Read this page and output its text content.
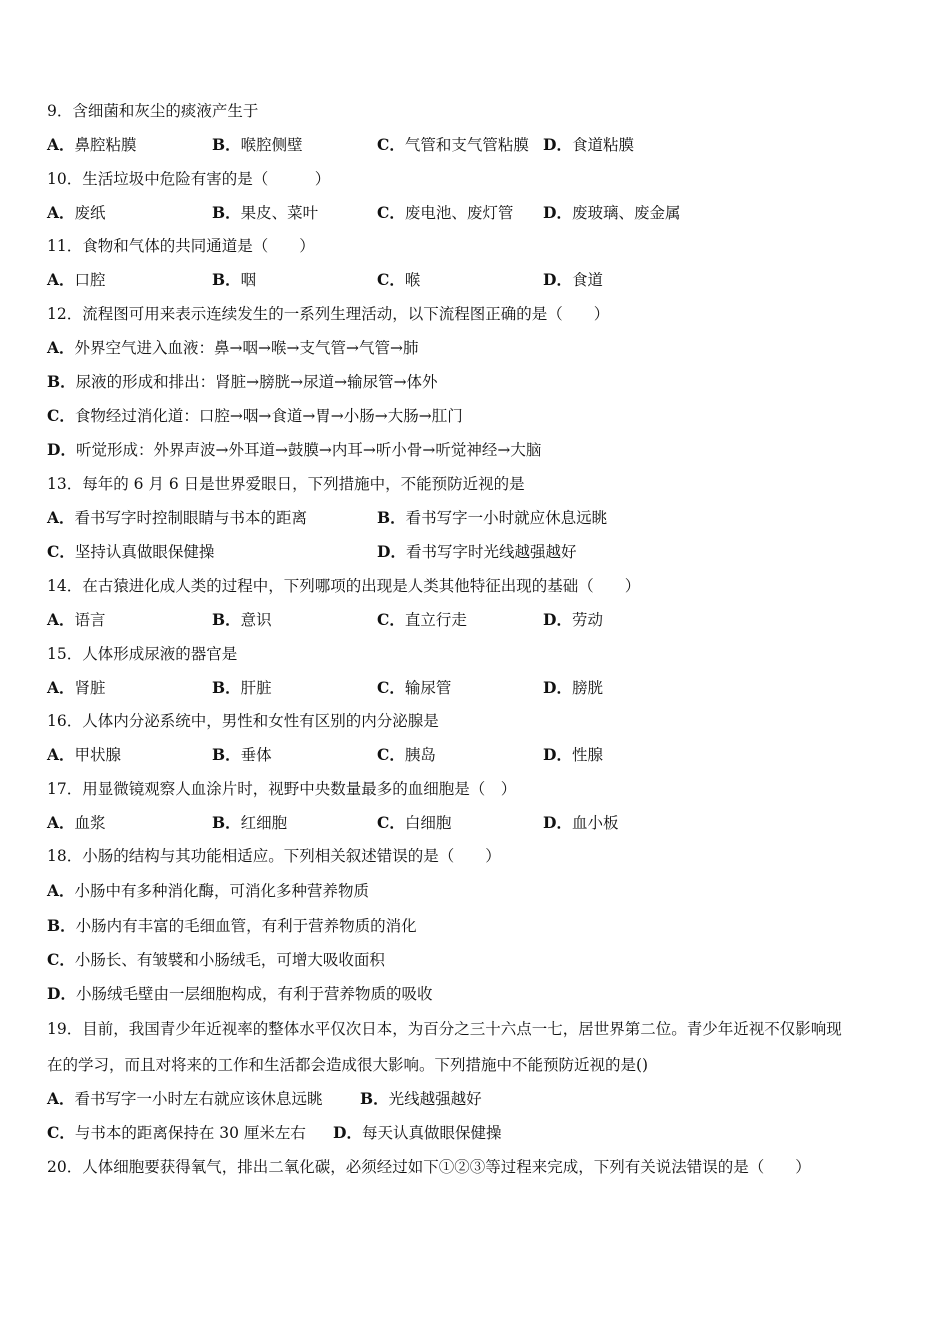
9．含细菌和灰尘的痰液产生于
A．鼻腔粘膜	B．喉腔侧壁	C．气管和支气管粘膜 D．食道粘膜
10．生活垃圾中危险有害的是（　　　）
A．废纸	B．果皮、菜叶	C．废电池、废灯管 D．废玻璃、废金属
11．食物和气体的共同通道是（　　）
A．口腔	B．咽	C．喉	D．食道
12．流程图可用来表示连续发生的一系列生理活动，以下流程图正确的是（　　）
A．外界空气进入血液：鼻→咽→喉→支气管→气管→肺
B．尿液的形成和排出：肾脏→膀胱→尿道→输尿管→体外
C．食物经过消化道：口腔→咽→食道→胃→小肠→大肠→肛门
D．听觉形成：外界声波→外耳道→鼓膜→内耳→听小骨→听觉神经→大脑
13．每年的 6 月 6 日是世界爱眼日，下列措施中，不能预防近视的是
A．看书写字时控制眼睛与书本的距离	B．看书写字一小时就应休息远眺
C．坚持认真做眼保健操	D．看书写字时光线越强越好
14．在古猿进化成人类的过程中，下列哪项的出现是人类其他特征出现的基础（　　）
A．语言	B．意识	C．直立行走	D．劳动
15．人体形成尿液的器官是
A．肾脏	B．肝脏	C．输尿管	D．膀胱
16．人体内分泌系统中，男性和女性有区别的内分泌腺是
A．甲状腺	B．垂体	C．胰岛	D．性腺
17．用显微镜观察人血涂片时，视野中央数量最多的血细胞是（　）
A．血浆	B．红细胞	C．白细胞	D．血小板
18．小肠的结构与其功能相适应。下列相关叙述错误的是（　　）
A．小肠中有多种消化酶，可消化多种营养物质
B．小肠内有丰富的毛细血管，有利于营养物质的消化
C．小肠长、有皱襞和小肠绒毛，可增大吸收面积
D．小肠绒毛壁由一层细胞构成，有利于营养物质的吸收
19．目前，我国青少年近视率的整体水平仅次日本，为百分之三十六点一七，居世界第二位。青少年近视不仅影响现
在的学习，而且对将来的工作和生活都会造成很大影响。下列措施中不能预防近视的是()
A．看书写字一小时左右就应该休息远眺 B．光线越强越好
C．与书本的距离保持在 30 厘米左右 D．每天认真做眼保健操
20．人体细胞要获得氧气，排出二氧化碳，必须经过如下①②③等过程来完成，下列有关说法错误的是（　　）
